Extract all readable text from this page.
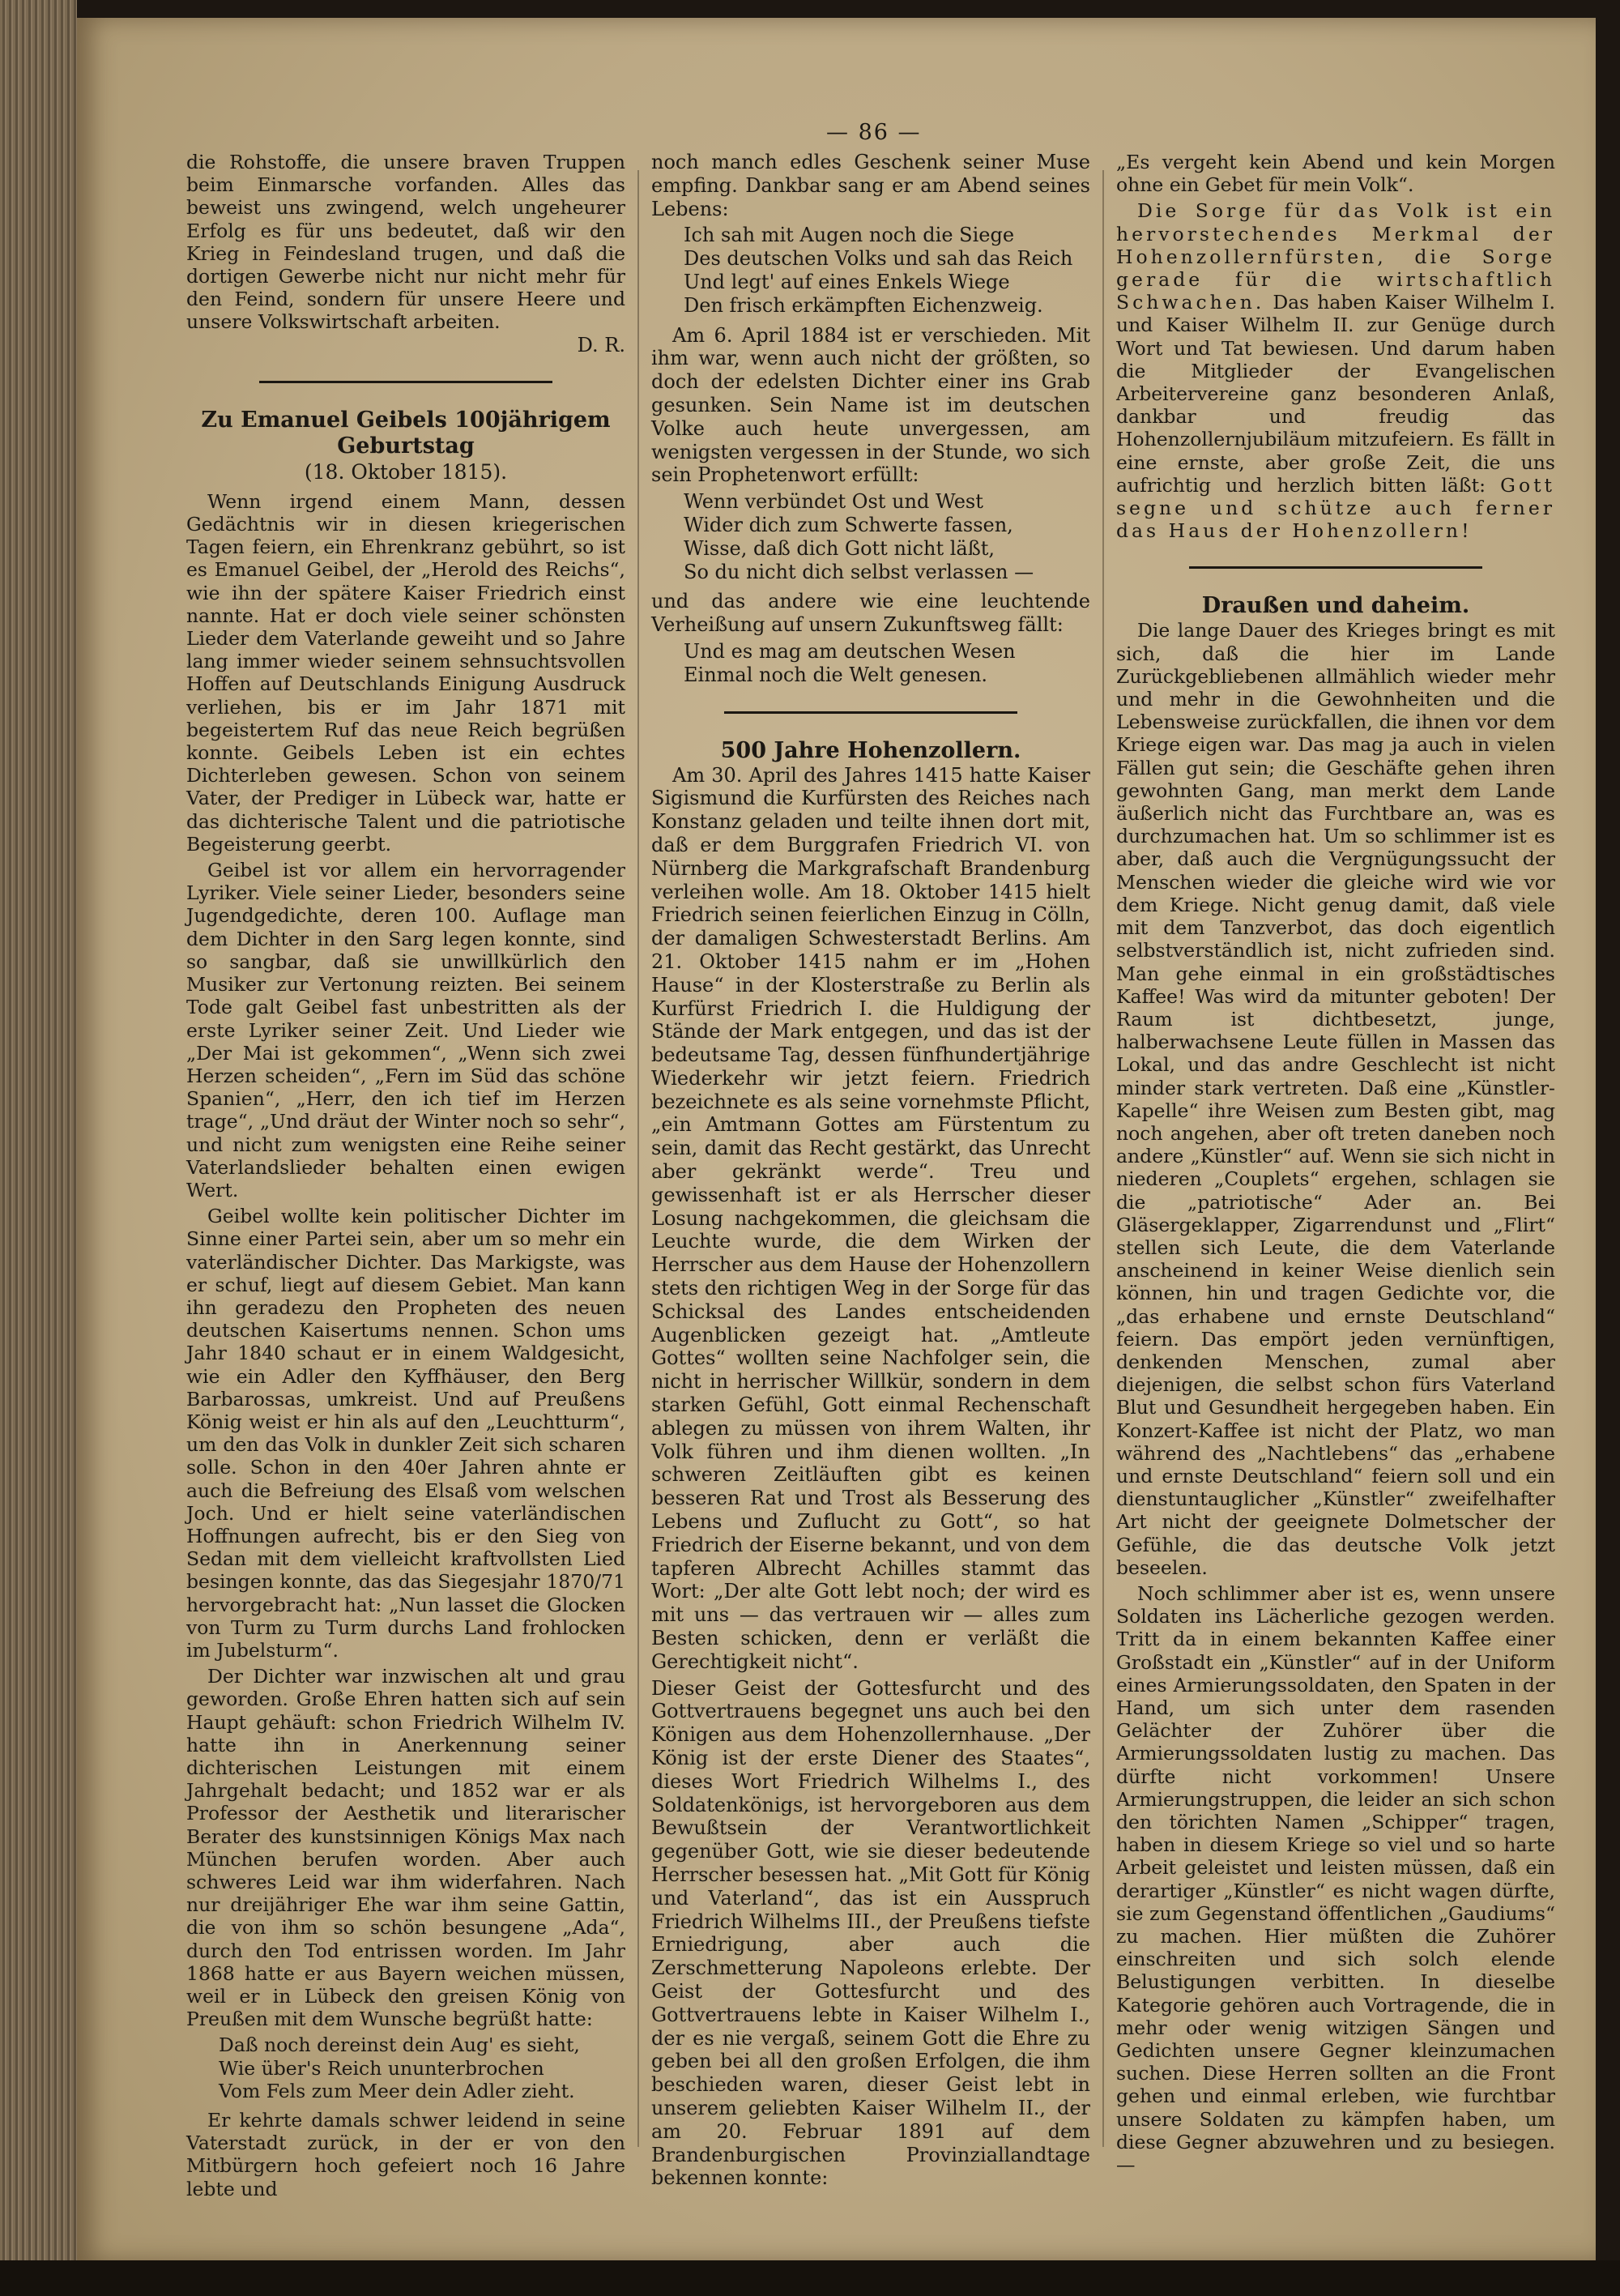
— 86 —

die Rohstoffe, die unsere braven Truppen beim Einmarsche vorfanden. Alles das beweist uns zwingend, welch ungeheurer Erfolg es für uns bedeutet, daß wir den Krieg in Feindesland trugen, und daß die dortigen Gewerbe nicht nur nicht mehr für den Feind, sondern für unsere Heere und unsere Volkswirtschaft arbeiten.

D. R.
Zu Emanuel Geibels 100jährigem Geburtstag
(18. Oktober 1815).

Wenn irgend einem Mann, dessen Gedächtnis wir in diesen kriegerischen Tagen feiern, ein Ehrenkranz gebührt, so ist es Emanuel Geibel, der „Herold des Reichs“, wie ihn der spätere Kaiser Friedrich einst nannte. Hat er doch viele seiner schönsten Lieder dem Vaterlande geweiht und so Jahre lang immer wieder seinem sehnsuchtsvollen Hoffen auf Deutschlands Einigung Ausdruck verliehen, bis er im Jahr 1871 mit begeistertem Ruf das neue Reich begrüßen konnte. Geibels Leben ist ein echtes Dichterleben gewesen. Schon von seinem Vater, der Prediger in Lübeck war, hatte er das dichterische Talent und die patriotische Begeisterung geerbt.

Geibel ist vor allem ein hervorragender Lyriker. Viele seiner Lieder, besonders seine Jugendgedichte, deren 100. Auflage man dem Dichter in den Sarg legen konnte, sind so sangbar, daß sie unwillkürlich den Musiker zur Vertonung reizten. Bei seinem Tode galt Geibel fast unbestritten als der erste Lyriker seiner Zeit. Und Lieder wie „Der Mai ist gekommen“, „Wenn sich zwei Herzen scheiden“, „Fern im Süd das schöne Spanien“, „Herr, den ich tief im Herzen trage“, „Und dräut der Winter noch so sehr“, und nicht zum wenigsten eine Reihe seiner Vaterlandslieder behalten einen ewigen Wert.

Geibel wollte kein politischer Dichter im Sinne einer Partei sein, aber um so mehr ein vaterländischer Dichter. Das Markigste, was er schuf, liegt auf diesem Gebiet. Man kann ihn geradezu den Propheten des neuen deutschen Kaisertums nennen. Schon ums Jahr 1840 schaut er in einem Waldgesicht, wie ein Adler den Kyffhäuser, den Berg Barbarossas, umkreist. Und auf Preußens König weist er hin als auf den „Leuchtturm“, um den das Volk in dunkler Zeit sich scharen solle. Schon in den 40er Jahren ahnte er auch die Befreiung des Elsaß vom welschen Joch. Und er hielt seine vaterländischen Hoffnungen aufrecht, bis er den Sieg von Sedan mit dem vielleicht kraftvollsten Lied besingen konnte, das das Siegesjahr 1870/71 hervorgebracht hat: „Nun lasset die Glocken von Turm zu Turm durchs Land frohlocken im Jubelsturm“.

Der Dichter war inzwischen alt und grau geworden. Große Ehren hatten sich auf sein Haupt gehäuft: schon Friedrich Wilhelm IV. hatte ihn in Anerkennung seiner dichterischen Leistungen mit einem Jahrgehalt bedacht; und 1852 war er als Professor der Aesthetik und literarischer Berater des kunstsinnigen Königs Max nach München berufen worden. Aber auch schweres Leid war ihm widerfahren. Nach nur dreijähriger Ehe war ihm seine Gattin, die von ihm so schön besungene „Ada“, durch den Tod entrissen worden. Im Jahr 1868 hatte er aus Bayern weichen müssen, weil er in Lübeck den greisen König von Preußen mit dem Wunsche begrüßt hatte:

Daß noch dereinst dein Aug' es sieht,
Wie über's Reich ununterbrochen
Vom Fels zum Meer dein Adler zieht.

Er kehrte damals schwer leidend in seine Vaterstadt zurück, in der er von den Mitbürgern hoch gefeiert noch 16 Jahre lebte und

noch manch edles Geschenk seiner Muse empfing. Dankbar sang er am Abend seines Lebens:

Ich sah mit Augen noch die Siege
Des deutschen Volks und sah das Reich
Und legt' auf eines Enkels Wiege
Den frisch erkämpften Eichenzweig.

Am 6. April 1884 ist er verschieden. Mit ihm war, wenn auch nicht der größten, so doch der edelsten Dichter einer ins Grab gesunken. Sein Name ist im deutschen Volke auch heute unvergessen, am wenigsten vergessen in der Stunde, wo sich sein Prophetenwort erfüllt:

Wenn verbündet Ost und West
Wider dich zum Schwerte fassen,
Wisse, daß dich Gott nicht läßt,
So du nicht dich selbst verlassen —

und das andere wie eine leuchtende Verheißung auf unsern Zukunftsweg fällt:

Und es mag am deutschen Wesen
Einmal noch die Welt genesen.
500 Jahre Hohenzollern.

Am 30. April des Jahres 1415 hatte Kaiser Sigismund die Kurfürsten des Reiches nach Konstanz geladen und teilte ihnen dort mit, daß er dem Burggrafen Friedrich VI. von Nürnberg die Markgrafschaft Brandenburg verleihen wolle. Am 18. Oktober 1415 hielt Friedrich seinen feierlichen Einzug in Cölln, der damaligen Schwesterstadt Berlins. Am 21. Oktober 1415 nahm er im „Hohen Hause“ in der Klosterstraße zu Berlin als Kurfürst Friedrich I. die Huldigung der Stände der Mark entgegen, und das ist der bedeutsame Tag, dessen fünfhundertjährige Wiederkehr wir jetzt feiern. Friedrich bezeichnete es als seine vornehmste Pflicht, „ein Amtmann Gottes am Fürstentum zu sein, damit das Recht gestärkt, das Unrecht aber gekränkt werde“. Treu und gewissenhaft ist er als Herrscher dieser Losung nachgekommen, die gleichsam die Leuchte wurde, die dem Wirken der Herrscher aus dem Hause der Hohenzollern stets den richtigen Weg in der Sorge für das Schicksal des Landes entscheidenden Augenblicken gezeigt hat. „Amtleute Gottes“ wollten seine Nachfolger sein, die nicht in herrischer Willkür, sondern in dem starken Gefühl, Gott einmal Rechenschaft ablegen zu müssen von ihrem Walten, ihr Volk führen und ihm dienen wollten. „In schweren Zeitläuften gibt es keinen besseren Rat und Trost als Besserung des Lebens und Zuflucht zu Gott“, so hat Friedrich der Eiserne bekannt, und von dem tapferen Albrecht Achilles stammt das Wort: „Der alte Gott lebt noch; der wird es mit uns — das vertrauen wir — alles zum Besten schicken, denn er verläßt die Gerechtigkeit nicht“.

Dieser Geist der Gottesfurcht und des Gottvertrauens begegnet uns auch bei den Königen aus dem Hohenzollernhause. „Der König ist der erste Diener des Staates“, dieses Wort Friedrich Wilhelms I., des Soldatenkönigs, ist hervorgeboren aus dem Bewußtsein der Verantwortlichkeit gegenüber Gott, wie sie dieser bedeutende Herrscher besessen hat. „Mit Gott für König und Vaterland“, das ist ein Ausspruch Friedrich Wilhelms III., der Preußens tiefste Erniedrigung, aber auch die Zerschmetterung Napoleons erlebte. Der Geist der Gottesfurcht und des Gottvertrauens lebte in Kaiser Wilhelm I., der es nie vergaß, seinem Gott die Ehre zu geben bei all den großen Erfolgen, die ihm beschieden waren, dieser Geist lebt in unserem geliebten Kaiser Wilhelm II., der am 20. Februar 1891 auf dem Brandenburgischen Provinziallandtage bekennen konnte:

„Es vergeht kein Abend und kein Morgen ohne ein Gebet für mein Volk“.

Die Sorge für das Volk ist ein hervorstechendes Merkmal der Hohenzollernfürsten, die Sorge gerade für die wirtschaftlich Schwachen. Das haben Kaiser Wilhelm I. und Kaiser Wilhelm II. zur Genüge durch Wort und Tat bewiesen. Und darum haben die Mitglieder der Evangelischen Arbeitervereine ganz besonderen Anlaß, dankbar und freudig das Hohenzollernjubiläum mitzufeiern. Es fällt in eine ernste, aber große Zeit, die uns aufrichtig und herzlich bitten läßt: Gott segne und schütze auch ferner das Haus der Hohenzollern!

Draußen und daheim.

Die lange Dauer des Krieges bringt es mit sich, daß die hier im Lande Zurückgebliebenen allmählich wieder mehr und mehr in die Gewohnheiten und die Lebensweise zurückfallen, die ihnen vor dem Kriege eigen war. Das mag ja auch in vielen Fällen gut sein; die Geschäfte gehen ihren gewohnten Gang, man merkt dem Lande äußerlich nicht das Furchtbare an, was es durchzumachen hat. Um so schlimmer ist es aber, daß auch die Vergnügungssucht der Menschen wieder die gleiche wird wie vor dem Kriege. Nicht genug damit, daß viele mit dem Tanzverbot, das doch eigentlich selbstverständlich ist, nicht zufrieden sind. Man gehe einmal in ein großstädtisches Kaffee! Was wird da mitunter geboten! Der Raum ist dichtbesetzt, junge, halberwachsene Leute füllen in Massen das Lokal, und das andre Geschlecht ist nicht minder stark vertreten. Daß eine „Künstler-Kapelle“ ihre Weisen zum Besten gibt, mag noch angehen, aber oft treten daneben noch andere „Künstler“ auf. Wenn sie sich nicht in niederen „Couplets“ ergehen, schlagen sie die „patriotische“ Ader an. Bei Gläsergeklapper, Zigarrendunst und „Flirt“ stellen sich Leute, die dem Vaterlande anscheinend in keiner Weise dienlich sein können, hin und tragen Gedichte vor, die „das erhabene und ernste Deutschland“ feiern. Das empört jeden vernünftigen, denkenden Menschen, zumal aber diejenigen, die selbst schon fürs Vaterland Blut und Gesundheit hergegeben haben. Ein Konzert-Kaffee ist nicht der Platz, wo man während des „Nachtlebens“ das „erhabene und ernste Deutschland“ feiern soll und ein dienstuntauglicher „Künstler“ zweifelhafter Art nicht der geeignete Dolmetscher der Gefühle, die das deutsche Volk jetzt beseelen.

Noch schlimmer aber ist es, wenn unsere Soldaten ins Lächerliche gezogen werden. Tritt da in einem bekannten Kaffee einer Großstadt ein „Künstler“ auf in der Uniform eines Armierungssoldaten, den Spaten in der Hand, um sich unter dem rasenden Gelächter der Zuhörer über die Armierungssoldaten lustig zu machen. Das dürfte nicht vorkommen! Unsere Armierungstruppen, die leider an sich schon den törichten Namen „Schipper“ tragen, haben in diesem Kriege so viel und so harte Arbeit geleistet und leisten müssen, daß ein derartiger „Künstler“ es nicht wagen dürfte, sie zum Gegenstand öffentlichen „Gaudiums“ zu machen. Hier müßten die Zuhörer einschreiten und sich solch elende Belustigungen verbitten. In dieselbe Kategorie gehören auch Vortragende, die in mehr oder wenig witzigen Sängen und Gedichten unsere Gegner kleinzumachen suchen. Diese Herren sollten an die Front gehen und einmal erleben, wie furchtbar unsere Soldaten zu kämpfen haben, um diese Gegner abzuwehren und zu besiegen. —
